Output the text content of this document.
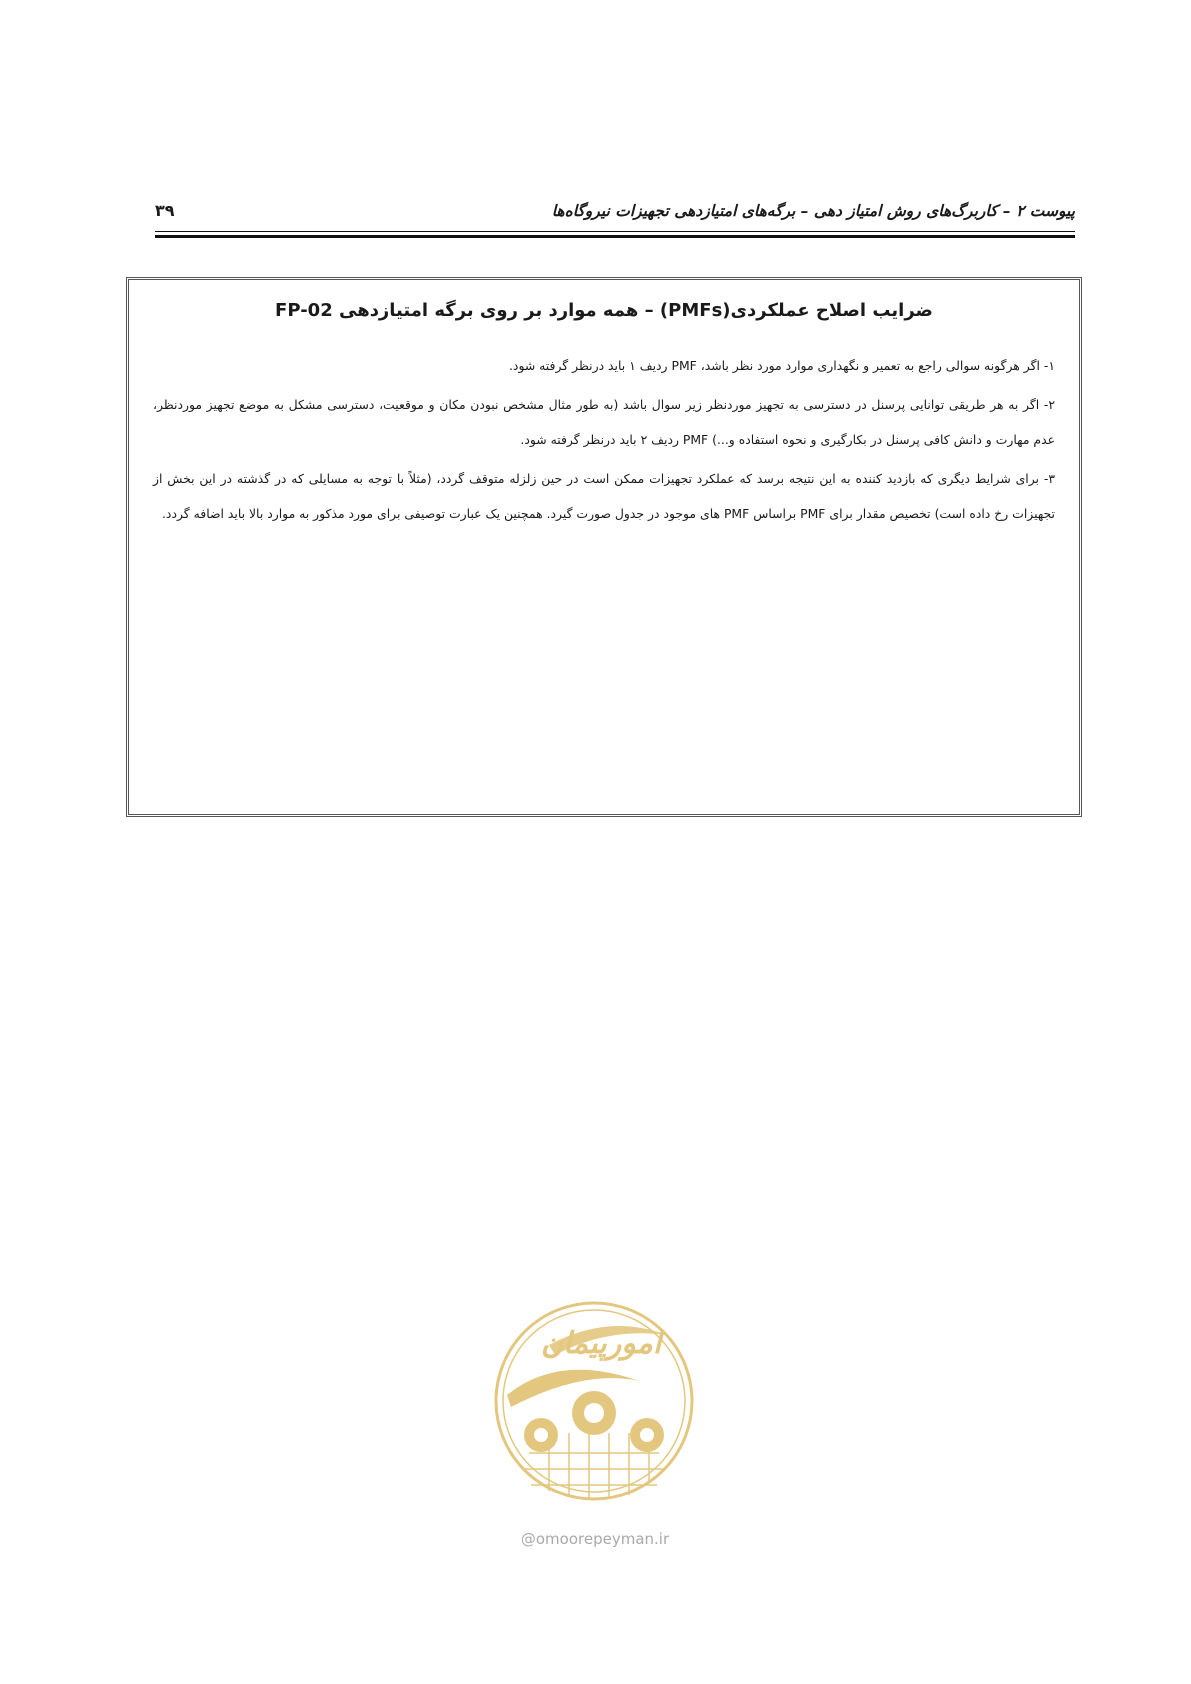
پیوست ۲ – کاربرگ‌های روش امتیاز دهی – برگه‌های امتیازدهی تجهیزات نیروگاه‌ها
۳۹
ضرایب اصلاح عملکردی(PMFs) – همه موارد بر روی برگه امتیازدهی FP-02

۱- اگر هرگونه سوالی راجع به تعمیر و نگهداری موارد مورد نظر باشد، PMF ردیف ۱ باید درنظر گرفته شود.

۲- اگر به هر طریقی توانایی پرسنل در دسترسی به تجهیز موردنظر زیر سوال باشد (به طور مثال مشخص نبودن مکان و موقعیت، دسترسی مشکل به موضع تجهیز موردنظر، عدم مهارت و دانش کافی پرسنل در بکارگیری و نحوه استفاده و...) PMF ردیف ۲ باید درنظر گرفته شود.

۳- برای شرایط دیگری که بازدید کننده به این نتیجه برسد که عملکرد تجهیزات ممکن است در حین زلزله متوقف گردد، (مثلاً با توجه به مسایلی که در گذشته در این بخش از تجهیزات رخ داده است) تخصیص مقدار برای PMF براساس PMF های موجود در جدول صورت گیرد. همچنین یک عبارت توصیفی برای مورد مذکور به موارد بالا باید اضافه گردد.

امورپیمان
@omoorepeyman.ir
